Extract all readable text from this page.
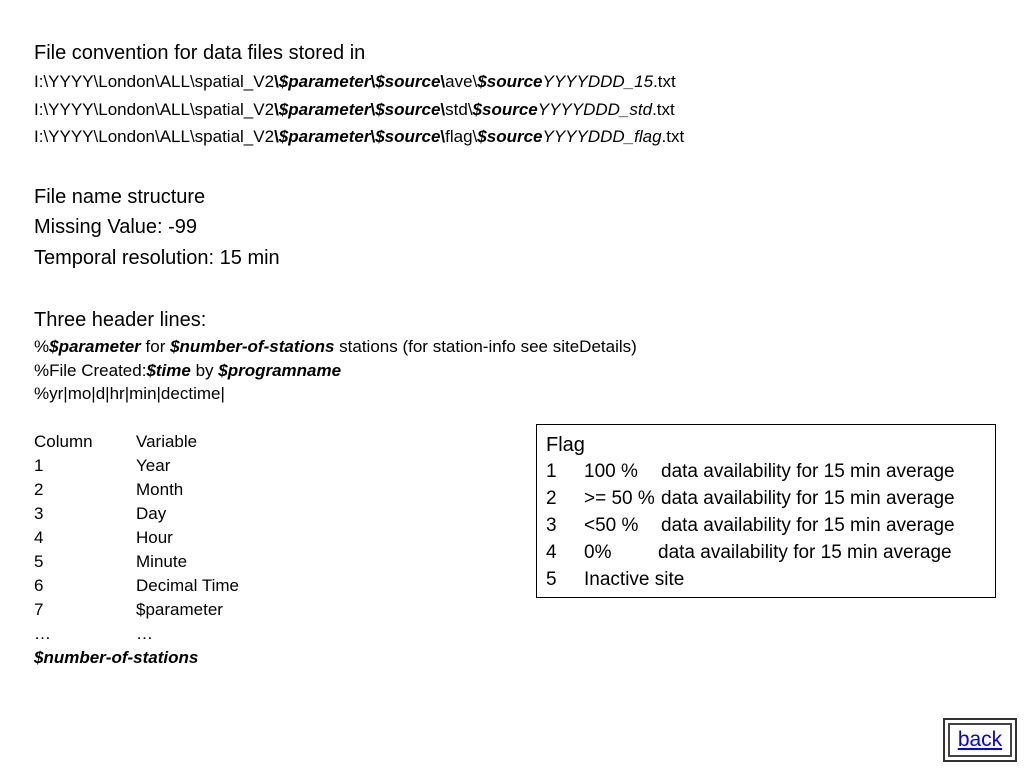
File convention for data files stored in
I:\YYYY\London\ALL\spatial_V2\$parameter\$source\ave\$sourceYYYYDDD_15.txt
I:\YYYY\London\ALL\spatial_V2\$parameter\$source\std\$sourceYYYYDDD_std.txt
I:\YYYY\London\ALL\spatial_V2\$parameter\$source\flag\$sourceYYYYDDD_flag.txt
File name structure
Missing Value: -99
Temporal resolution: 15 min
Three header lines:
%$parameter for $number-of-stations stations (for station-info see siteDetails)
%File Created:$time by $programname
%yr|mo|d|hr|min|dectime|
Column	Variable
1	Year
2	Month
3	Day
4	Hour
5	Minute
6	Decimal Time
7	$parameter
…	…
$number-of-stations
Flag
1 100 % data availability for 15 min average
2 >= 50 % data availability for 15 min average
3 <50 % data availability for 15 min average
4 0% data availability for 15 min average
5 Inactive site
back
